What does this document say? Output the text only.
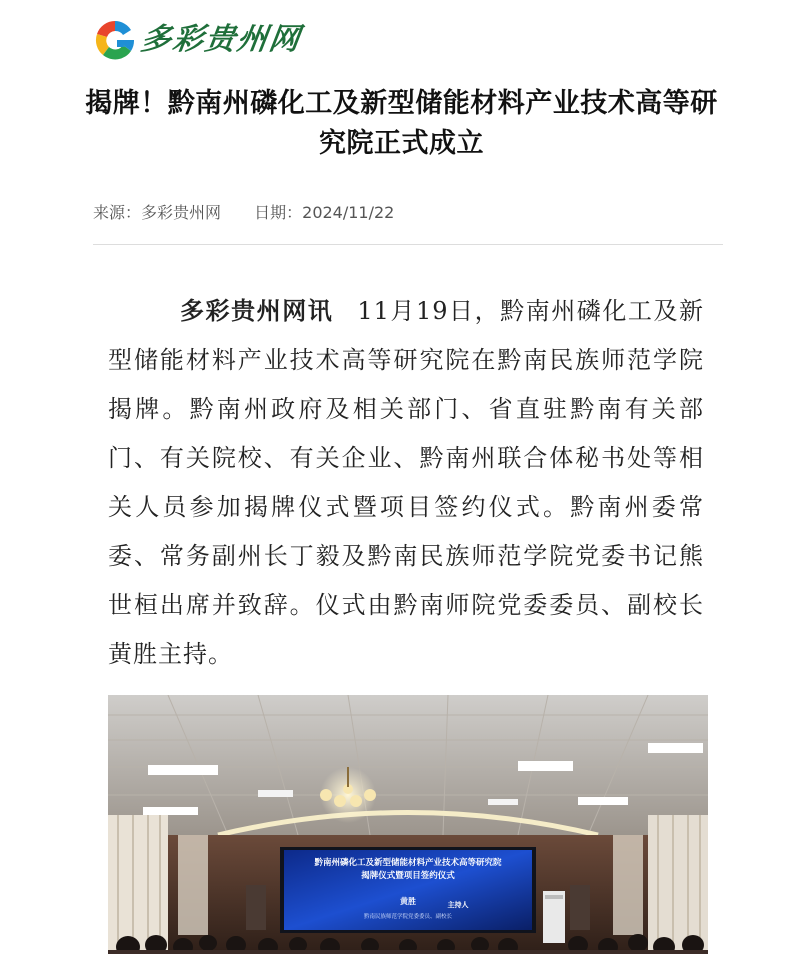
多彩贵州网
揭牌！黔南州磷化工及新型储能材料产业技术高等研究院正式成立
来源：多彩贵州网 日期：2024/11/22
多彩贵州网讯 11月19日，黔南州磷化工及新型储能材料产业技术高等研究院在黔南民族师范学院揭牌。黔南州政府及相关部门、省直驻黔南有关部门、有关院校、有关企业、黔南州联合体秘书处等相关人员参加揭牌仪式暨项目签约仪式。黔南州委常委、常务副州长丁毅及黔南民族师范学院党委书记熊世桓出席并致辞。仪式由黔南师院党委委员、副校长黄胜主持。
黔南州磷化工及新型储能材料产业技术高等研究院
揭牌仪式暨项目签约仪式
黄胜	主持人
黔南民族师范学院党委委员、副校长
